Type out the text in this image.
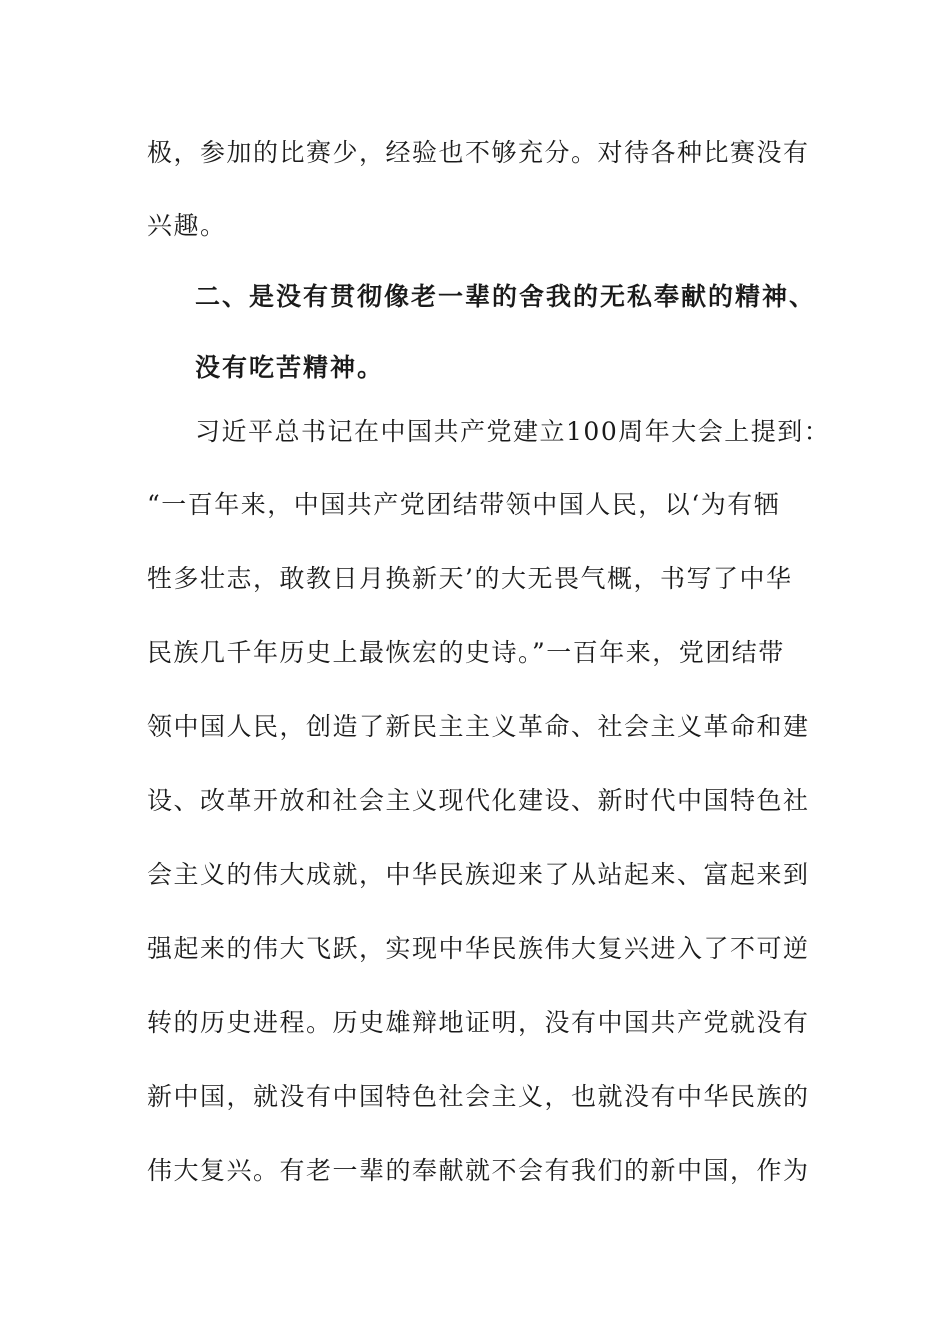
极，参加的比赛少，经验也不够充分。对待各种比赛没有
兴趣。
二、是没有贯彻像老一辈的舍我的无私奉献的精神、
没有吃苦精神。
习近平总书记在中国共产党建立100周年大会上提到：
“一百年来，中国共产党团结带领中国人民，以‘为有牺
牲多壮志，敢教日月换新天’的大无畏气概，书写了中华
民族几千年历史上最恢宏的史诗。”一百年来，党团结带
领中国人民，创造了新民主主义革命、社会主义革命和建
设、改革开放和社会主义现代化建设、新时代中国特色社
会主义的伟大成就，中华民族迎来了从站起来、富起来到
强起来的伟大飞跃，实现中华民族伟大复兴进入了不可逆
转的历史进程。历史雄辩地证明，没有中国共产党就没有
新中国，就没有中国特色社会主义，也就没有中华民族的
伟大复兴。有老一辈的奉献就不会有我们的新中国，作为
